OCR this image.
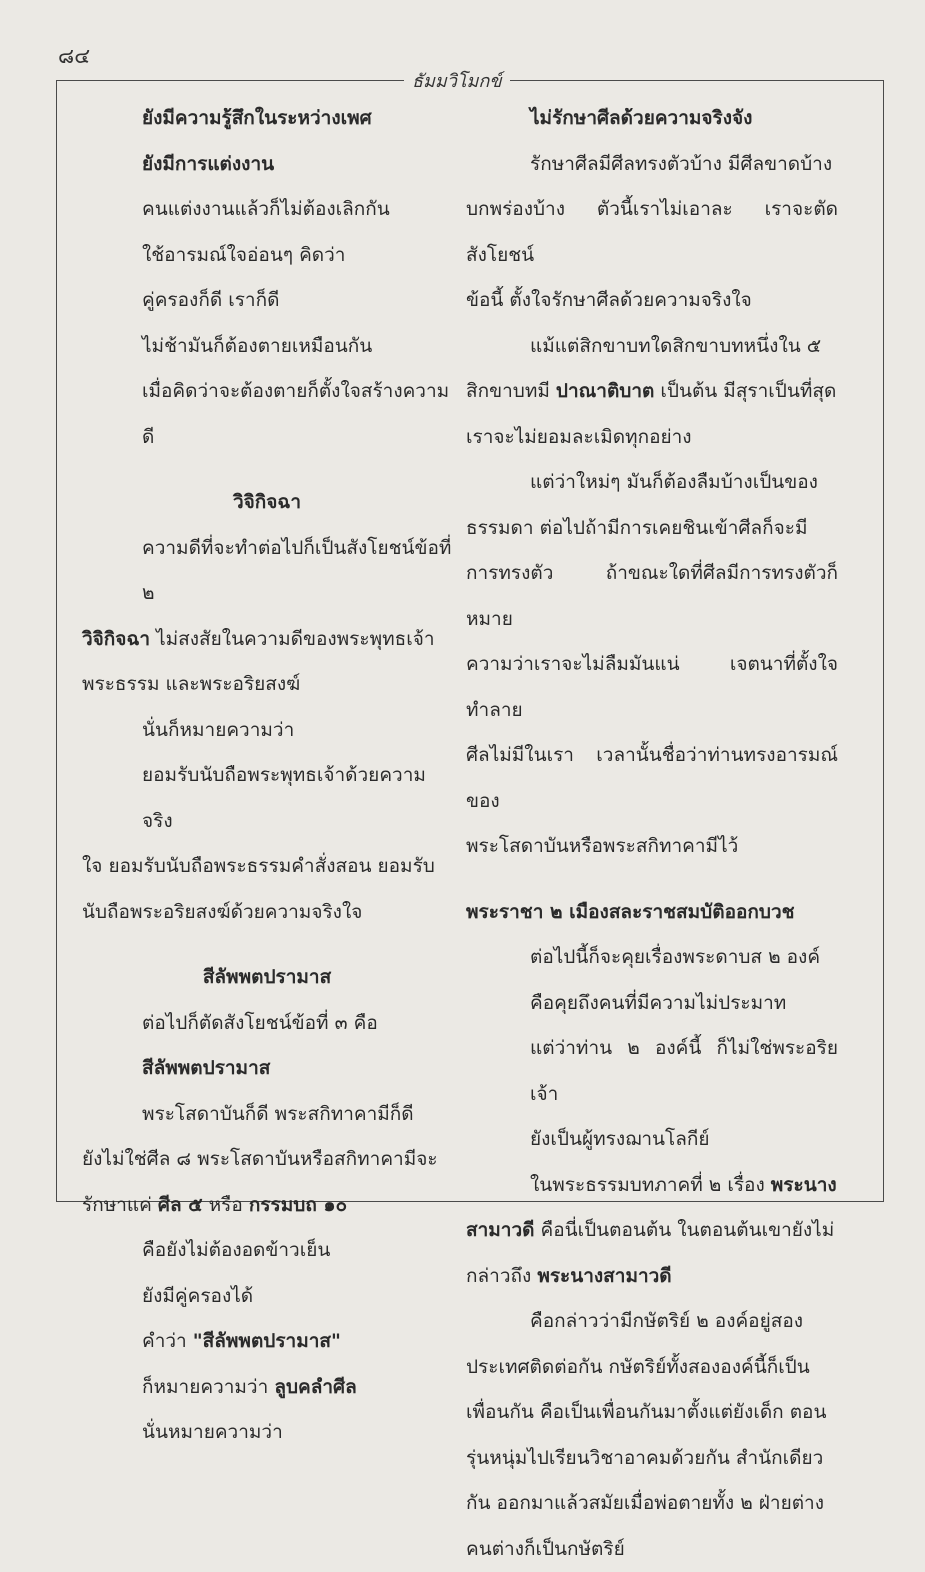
๘๔
ธัมมวิโมกข์

ยังมีความรู้สึกในระหว่างเพศ

ยังมีการแต่งงาน

คนแต่งงานแล้วก็ไม่ต้องเลิกกัน

ใช้อารมณ์ใจอ่อนๆ คิดว่า

คู่ครองก็ดี เราก็ดี

ไม่ช้ามันก็ต้องตายเหมือนกัน

เมื่อคิดว่าจะต้องตายก็ตั้งใจสร้างความดี

วิจิกิจฉา

ความดีที่จะทำต่อไปก็เป็นสังโยชน์ข้อที่ ๒

วิจิกิจฉา ไม่สงสัยในความดีของพระพุทธเจ้า

พระธรรม และพระอริยสงฆ์

นั่นก็หมายความว่า

ยอมรับนับถือพระพุทธเจ้าด้วยความจริง

ใจ ยอมรับนับถือพระธรรมคำสั่งสอน ยอมรับ

นับถือพระอริยสงฆ์ด้วยความจริงใจ

สีลัพพตปรามาส

ต่อไปก็ตัดสังโยชน์ข้อที่ ๓ คือ

สีลัพพตปรามาส

พระโสดาบันก็ดี พระสกิทาคามีก็ดี

ยังไม่ใช่ศีล ๘ พระโสดาบันหรือสกิทาคามีจะ

รักษาแค่ ศีล ๕ หรือ กรรมบถ ๑๐

คือยังไม่ต้องอดข้าวเย็น

ยังมีคู่ครองได้

คำว่า "สีลัพพตปรามาส"

ก็หมายความว่า ลูบคลำศีล

นั่นหมายความว่า

ไม่รักษาศีลด้วยความจริงจัง

รักษาศีลมีศีลทรงตัวบ้าง มีศีลขาดบ้าง

บกพร่องบ้าง ตัวนี้เราไม่เอาละ เราจะตัดสังโยชน์

ข้อนี้ ตั้งใจรักษาศีลด้วยความจริงใจ

แม้แต่สิกขาบทใดสิกขาบทหนึ่งใน ๕

สิกขาบทมี ปาณาติบาต เป็นต้น มีสุราเป็นที่สุด

เราจะไม่ยอมละเมิดทุกอย่าง

แต่ว่าใหม่ๆ มันก็ต้องลืมบ้างเป็นของ

ธรรมดา ต่อไปถ้ามีการเคยชินเข้าศีลก็จะมี

การทรงตัว ถ้าขณะใดที่ศีลมีการทรงตัวก็หมาย

ความว่าเราจะไม่ลืมมันแน่ เจตนาที่ตั้งใจทำลาย

ศีลไม่มีในเรา เวลานั้นชื่อว่าท่านทรงอารมณ์ของ

พระโสดาบันหรือพระสกิทาคามีไว้

พระราชา ๒ เมืองสละราชสมบัติออกบวช

ต่อไปนี้ก็จะคุยเรื่องพระดาบส ๒ องค์

คือคุยถึงคนที่มีความไม่ประมาท

แต่ว่าท่าน ๒ องค์นี้ ก็ไม่ใช่พระอริยเจ้า

ยังเป็นผู้ทรงฌานโลกีย์

ในพระธรรมบทภาคที่ ๒ เรื่อง พระนาง

สามาวดี คือนี่เป็นตอนต้น ในตอนต้นเขายังไม่

กล่าวถึง พระนางสามาวดี

คือกล่าวว่ามีกษัตริย์ ๒ องค์อยู่สอง

ประเทศติดต่อกัน กษัตริย์ทั้งสององค์นี้ก็เป็น

เพื่อนกัน คือเป็นเพื่อนกันมาตั้งแต่ยังเด็ก ตอน

รุ่นหนุ่มไปเรียนวิชาอาคมด้วยกัน สำนักเดียว

กัน ออกมาแล้วสมัยเมื่อพ่อตายทั้ง ๒ ฝ่ายต่าง

คนต่างก็เป็นกษัตริย์
